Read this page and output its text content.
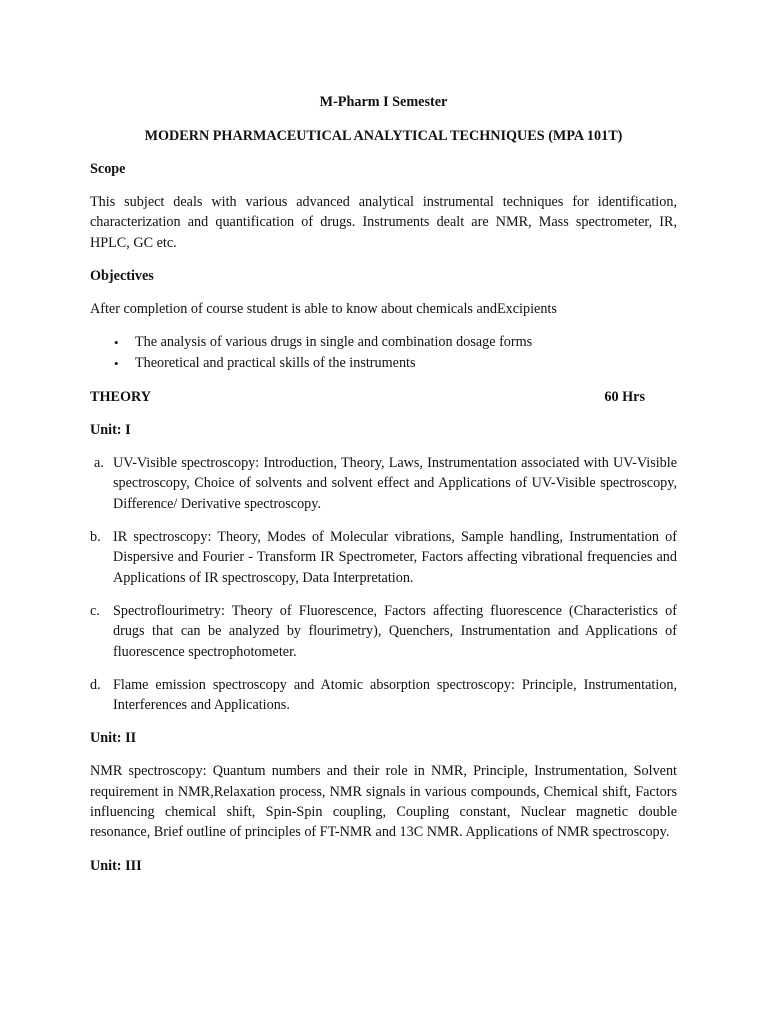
M-Pharm I Semester

MODERN PHARMACEUTICAL ANALYTICAL TECHNIQUES (MPA 101T)

Scope

This subject deals with various advanced analytical instrumental techniques for identification, characterization and quantification of drugs. Instruments dealt are NMR, Mass spectrometer, IR, HPLC, GC etc.

Objectives

After completion of course student is able to know about chemicals andExcipients

• The analysis of various drugs in single and combination dosage forms
• Theoretical and practical skills of the instruments
THEORY	60 Hrs

Unit: I

a. UV-Visible spectroscopy: Introduction, Theory, Laws, Instrumentation associated with UV-Visible spectroscopy, Choice of solvents and solvent effect and Applications of UV-Visible spectroscopy, Difference/ Derivative spectroscopy.
b. IR spectroscopy: Theory, Modes of Molecular vibrations, Sample handling, Instrumentation of Dispersive and Fourier - Transform IR Spectrometer, Factors affecting vibrational frequencies and Applications of IR spectroscopy, Data Interpretation.
c. Spectroflourimetry: Theory of Fluorescence, Factors affecting fluorescence (Characteristics of drugs that can be analyzed by flourimetry), Quenchers, Instrumentation and Applications of fluorescence spectrophotometer.
d. Flame emission spectroscopy and Atomic absorption spectroscopy: Principle, Instrumentation, Interferences and Applications.

Unit: II

NMR spectroscopy: Quantum numbers and their role in NMR, Principle, Instrumentation, Solvent requirement in NMR,Relaxation process, NMR signals in various compounds, Chemical shift, Factors influencing chemical shift, Spin-Spin coupling, Coupling constant, Nuclear magnetic double resonance, Brief outline of principles of FT-NMR and 13C NMR. Applications of NMR spectroscopy.

Unit: III
